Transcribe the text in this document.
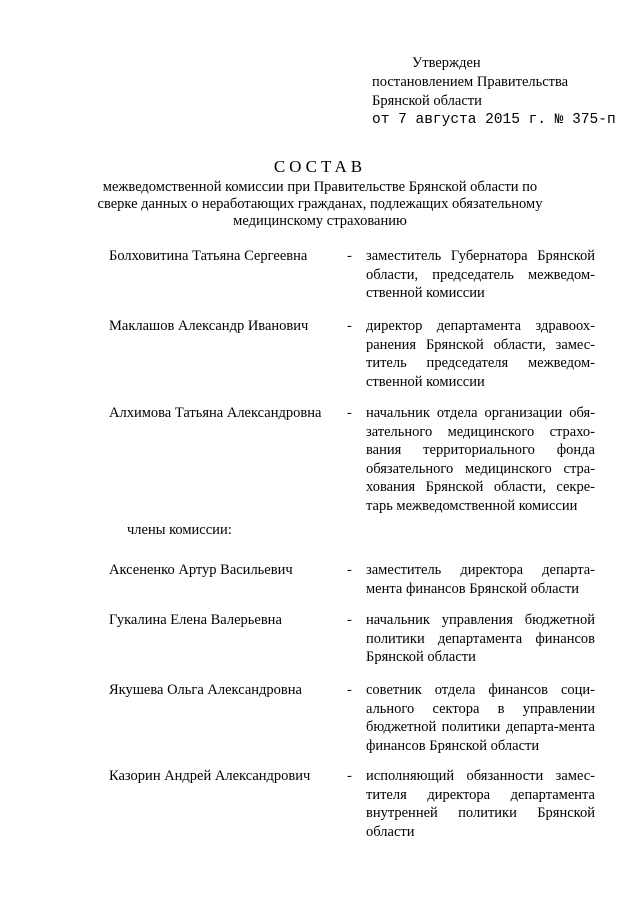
Утвержден
постановлением Правительства
Брянской области
от 7 августа 2015 г. № 375-п
СОСТАВ
межведомственной комиссии при Правительстве Брянской области по сверке данных о неработающих гражданах, подлежащих обязательному медицинскому страхованию
Болховитина Татьяна Сергеевна	- заместитель Губернатора Брянской области, председатель межведом-ственной комиссии
Маклашов Александр Иванович	- директор департамента здравоох-ранения Брянской области, замес-титель председателя межведом-ственной комиссии
Алхимова Татьяна Александровна	- начальник отдела организации обя-зательного медицинского страхо-вания территориального фонда обязательного медицинского стра-хования Брянской области, секре-тарь межведомственной комиссии
члены комиссии:
Аксененко Артур Васильевич	- заместитель директора департа-мента финансов Брянской области
Гукалина Елена Валерьевна	- начальник управления бюджетной политики департамента финансов Брянской области
Якушева Ольга Александровна	- советник отдела финансов соци-ального сектора в управлении бюджетной политики департа-мента финансов Брянской области
Казорин Андрей Александрович	- исполняющий обязанности замес-тителя директора департамента внутренней политики Брянской области
